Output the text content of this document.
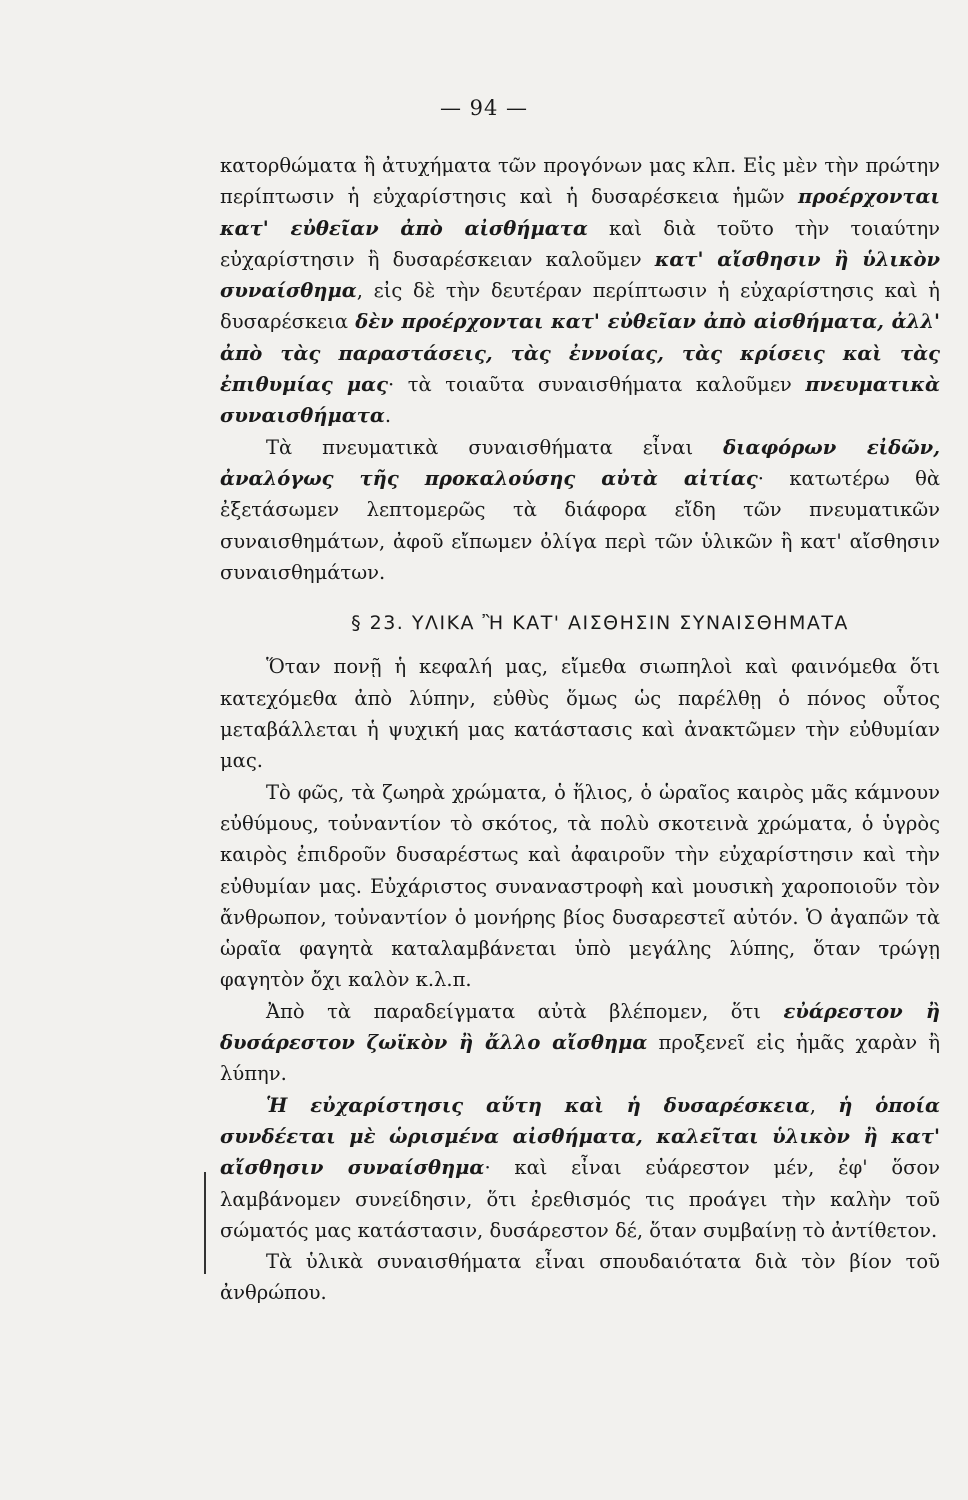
— 94 —

κατορθώματα ἢ ἀτυχήματα τῶν προγόνων μας κλπ. Εἰς μὲν τὴν πρώτην περίπτωσιν ἡ εὐχαρίστησις καὶ ἡ δυσαρέσκεια ἡμῶν προέρχονται κατ' εὐθεῖαν ἀπὸ αἰσθήματα καὶ διὰ τοῦτο τὴν τοιαύτην εὐχαρίστησιν ἢ δυσαρέσκειαν καλοῦμεν κατ' αἴσθησιν ἢ ὑλικὸν συναίσθημα, εἰς δὲ τὴν δευτέραν περίπτωσιν ἡ εὐχαρίστησις καὶ ἡ δυσαρέσκεια δὲν προέρχονται κατ' εὐθεῖαν ἀπὸ αἰσθήματα, ἀλλ' ἀπὸ τὰς παραστάσεις, τὰς ἐννοίας, τὰς κρίσεις καὶ τὰς ἐπιθυμίας μας· τὰ τοιαῦτα συναισθήματα καλοῦμεν πνευματικὰ συναισθήματα.

Τὰ πνευματικὰ συναισθήματα εἶναι διαφόρων εἰδῶν, ἀναλόγως τῆς προκαλούσης αὐτὰ αἰτίας· κατωτέρω θὰ ἐξετάσωμεν λεπτομερῶς τὰ διάφορα εἴδη τῶν πνευματικῶν συναισθημάτων, ἀφοῦ εἴπωμεν ὀλίγα περὶ τῶν ὑλικῶν ἢ κατ' αἴσθησιν συναισθημάτων.

§ 23. ΥΛΙΚΑ Ἢ ΚΑΤ' ΑΙΣΘΗΣΙΝ ΣΥΝΑΙΣΘΗΜΑΤΑ

Ὅταν πονῇ ἡ κεφαλή μας, εἴμεθα σιωπηλοὶ καὶ φαινόμεθα ὅτι κατεχόμεθα ἀπὸ λύπην, εὐθὺς ὅμως ὡς παρέλθῃ ὁ πόνος οὗτος μεταβάλλεται ἡ ψυχική μας κατάστασις καὶ ἀνακτῶμεν τὴν εὐθυμίαν μας.

Τὸ φῶς, τὰ ζωηρὰ χρώματα, ὁ ἥλιος, ὁ ὡραῖος καιρὸς μᾶς κάμνουν εὐθύμους, τοὐναντίον τὸ σκότος, τὰ πολὺ σκοτεινὰ χρώματα, ὁ ὑγρὸς καιρὸς ἐπιδροῦν δυσαρέστως καὶ ἀφαιροῦν τὴν εὐχαρίστησιν καὶ τὴν εὐθυμίαν μας. Εὐχάριστος συναναστροφὴ καὶ μουσικὴ χαροποιοῦν τὸν ἄνθρωπον, τοὐναντίον ὁ μονήρης βίος δυσαρεστεῖ αὐτόν. Ὁ ἀγαπῶν τὰ ὡραῖα φαγητὰ καταλαμβάνεται ὑπὸ μεγάλης λύπης, ὅταν τρώγῃ φαγητὸν ὄχι καλὸν κ.λ.π.

Ἀπὸ τὰ παραδείγματα αὐτὰ βλέπομεν, ὅτι εὐάρεστον ἢ δυσάρεστον ζωϊκὸν ἢ ἄλλο αἴσθημα προξενεῖ εἰς ἡμᾶς χαρὰν ἢ λύπην.

Ἡ εὐχαρίστησις αὕτη καὶ ἡ δυσαρέσκεια, ἡ ὁποία συνδέεται μὲ ὡρισμένα αἰσθήματα, καλεῖται ὑλικὸν ἢ κατ' αἴσθησιν συναίσθημα· καὶ εἶναι εὐάρεστον μέν, ἐφ' ὅσον λαμβάνομεν συνείδησιν, ὅτι ἐρεθισμός τις προάγει τὴν καλὴν τοῦ σώματός μας κατάστασιν, δυσάρεστον δέ, ὅταν συμβαίνῃ τὸ ἀντίθετον.

Τὰ ὑλικὰ συναισθήματα εἶναι σπουδαιότατα διὰ τὸν βίον τοῦ ἀνθρώπου.
